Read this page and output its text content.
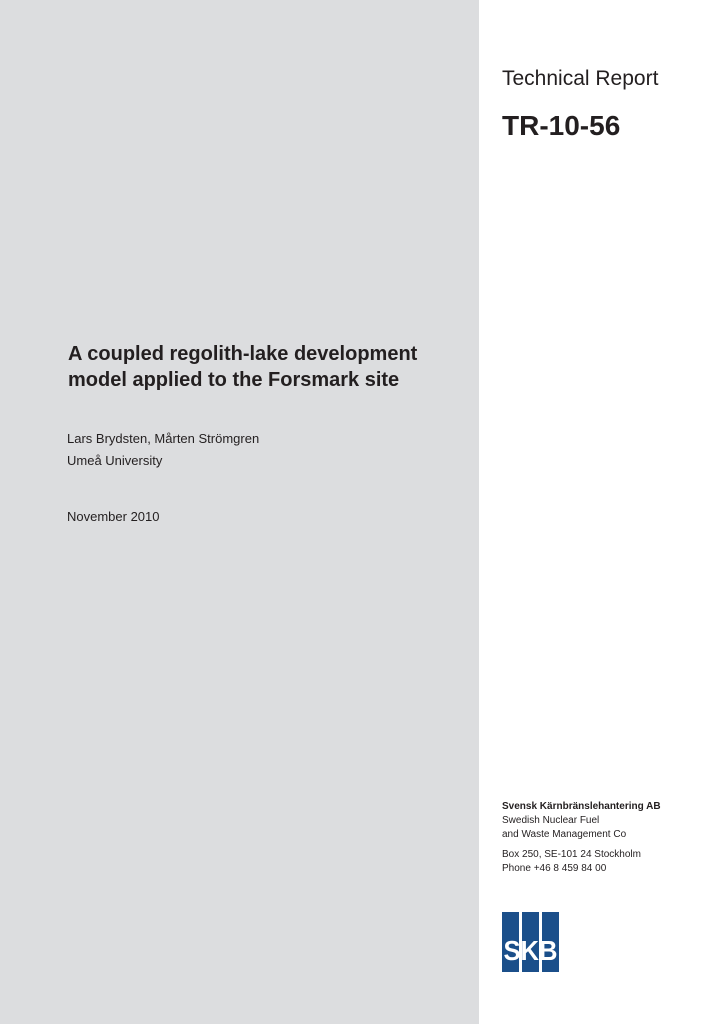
Technical Report
TR-10-56
A coupled regolith-lake development
model applied to the Forsmark site
Lars Brydsten, Mårten Strömgren
Umeå University
November 2010
Svensk Kärnbränslehantering AB
Swedish Nuclear Fuel
and Waste Management Co
Box 250, SE-101 24 Stockholm
Phone +46 8 459 84 00
SKB
